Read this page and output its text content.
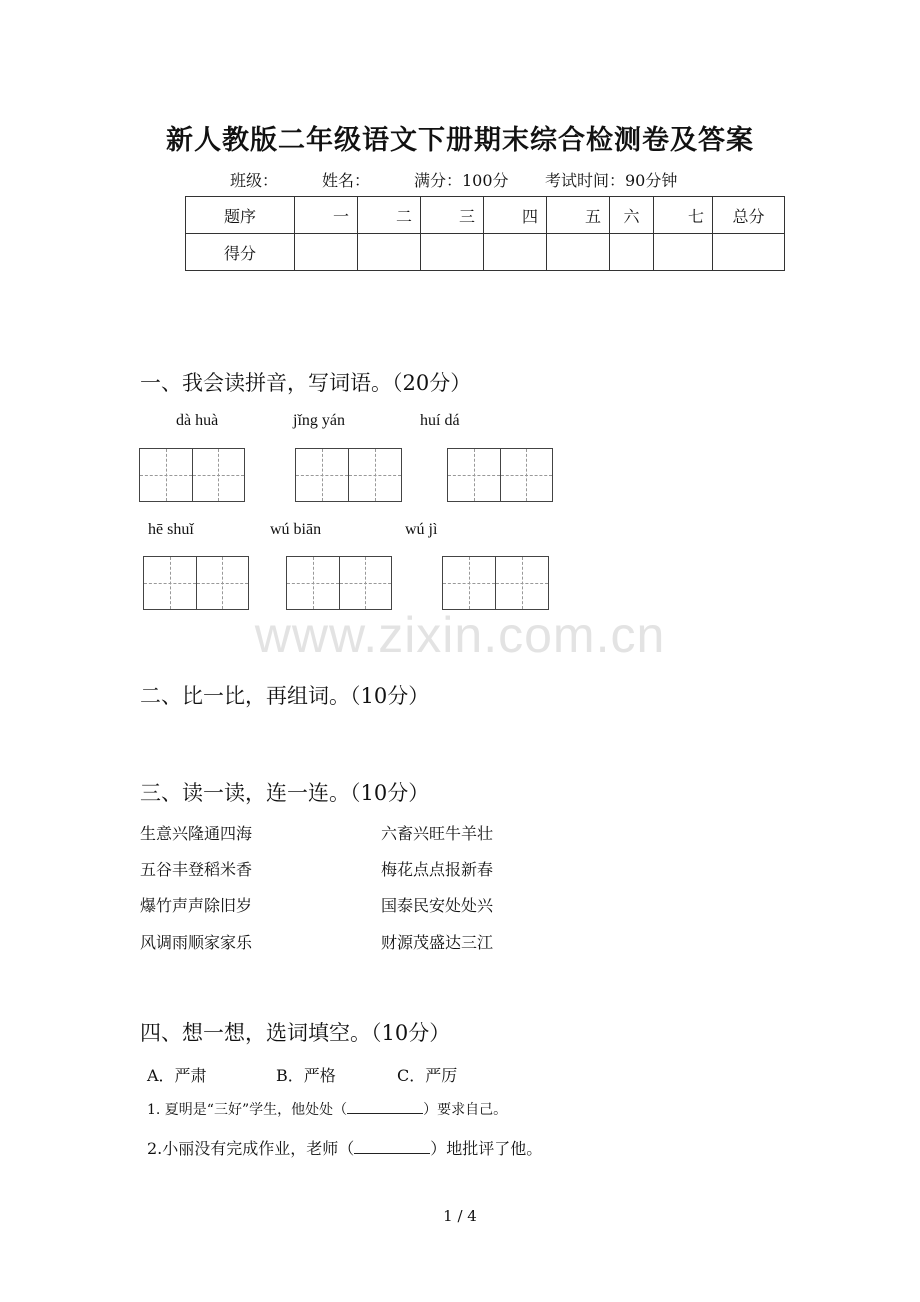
www.zixin.com.cn
新人教版二年级语文下册期末综合检测卷及答案
班级：	姓名：	满分：100分 考试时间：90分钟
题序	一	二	三	四	五	六	七	总分
得分								
一、我会读拼音，写词语。（20分）
dà huà	jǐng yán	huí dá
hē shuǐ	wú biān	wú jì
二、比一比，再组词。（10分）
三、读一读，连一连。（10分）
生意兴隆通四海
五谷丰登稻米香
爆竹声声除旧岁
风调雨顺家家乐
六畜兴旺牛羊壮
梅花点点报新春
国泰民安处处兴
财源茂盛达三江
四、想一想，选词填空。（10分）
A．严肃	B．严格	C．严厉
1. 夏明是“三好”学生，他处处（	）要求自己。
2.小丽没有完成作业，老师（	）地批评了他。
1 / 4
